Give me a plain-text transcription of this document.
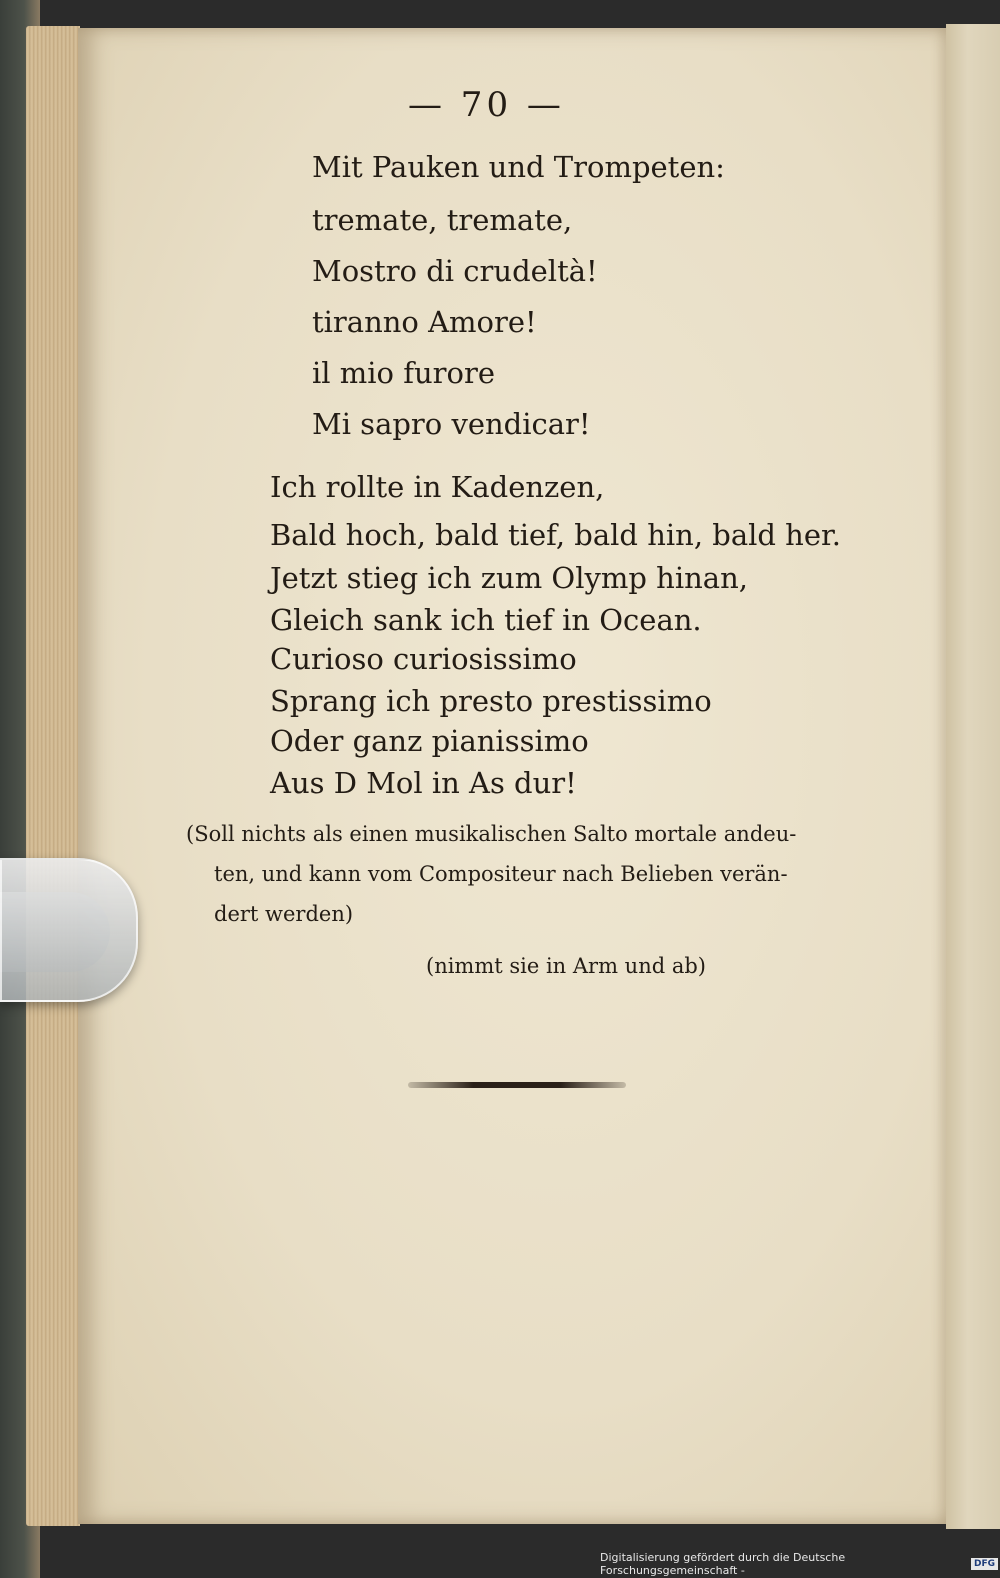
— 70 —
Mit Pauken und Trompeten:
tremate, tremate,
Mostro di crudeltà!
tiranno Amore!
il mio furore
Mi sapro vendicar!
Ich rollte in Kadenzen,
Bald hoch, bald tief, bald hin, bald her.
Jetzt stieg ich zum Olymp hinan,
Gleich sank ich tief in Ocean.
Curioso curiosissimo
Sprang ich presto prestissimo
Oder ganz pianissimo
Aus D Mol in As dur!
(Soll nichts als einen musikalischen Salto mortale andeu-
ten, und kann vom Compositeur nach Belieben verän-
dert werden)
(nimmt sie in Arm und ab)
Digitalisierung gefördert durch die Deutsche Forschungsgemeinschaft -	DFG
